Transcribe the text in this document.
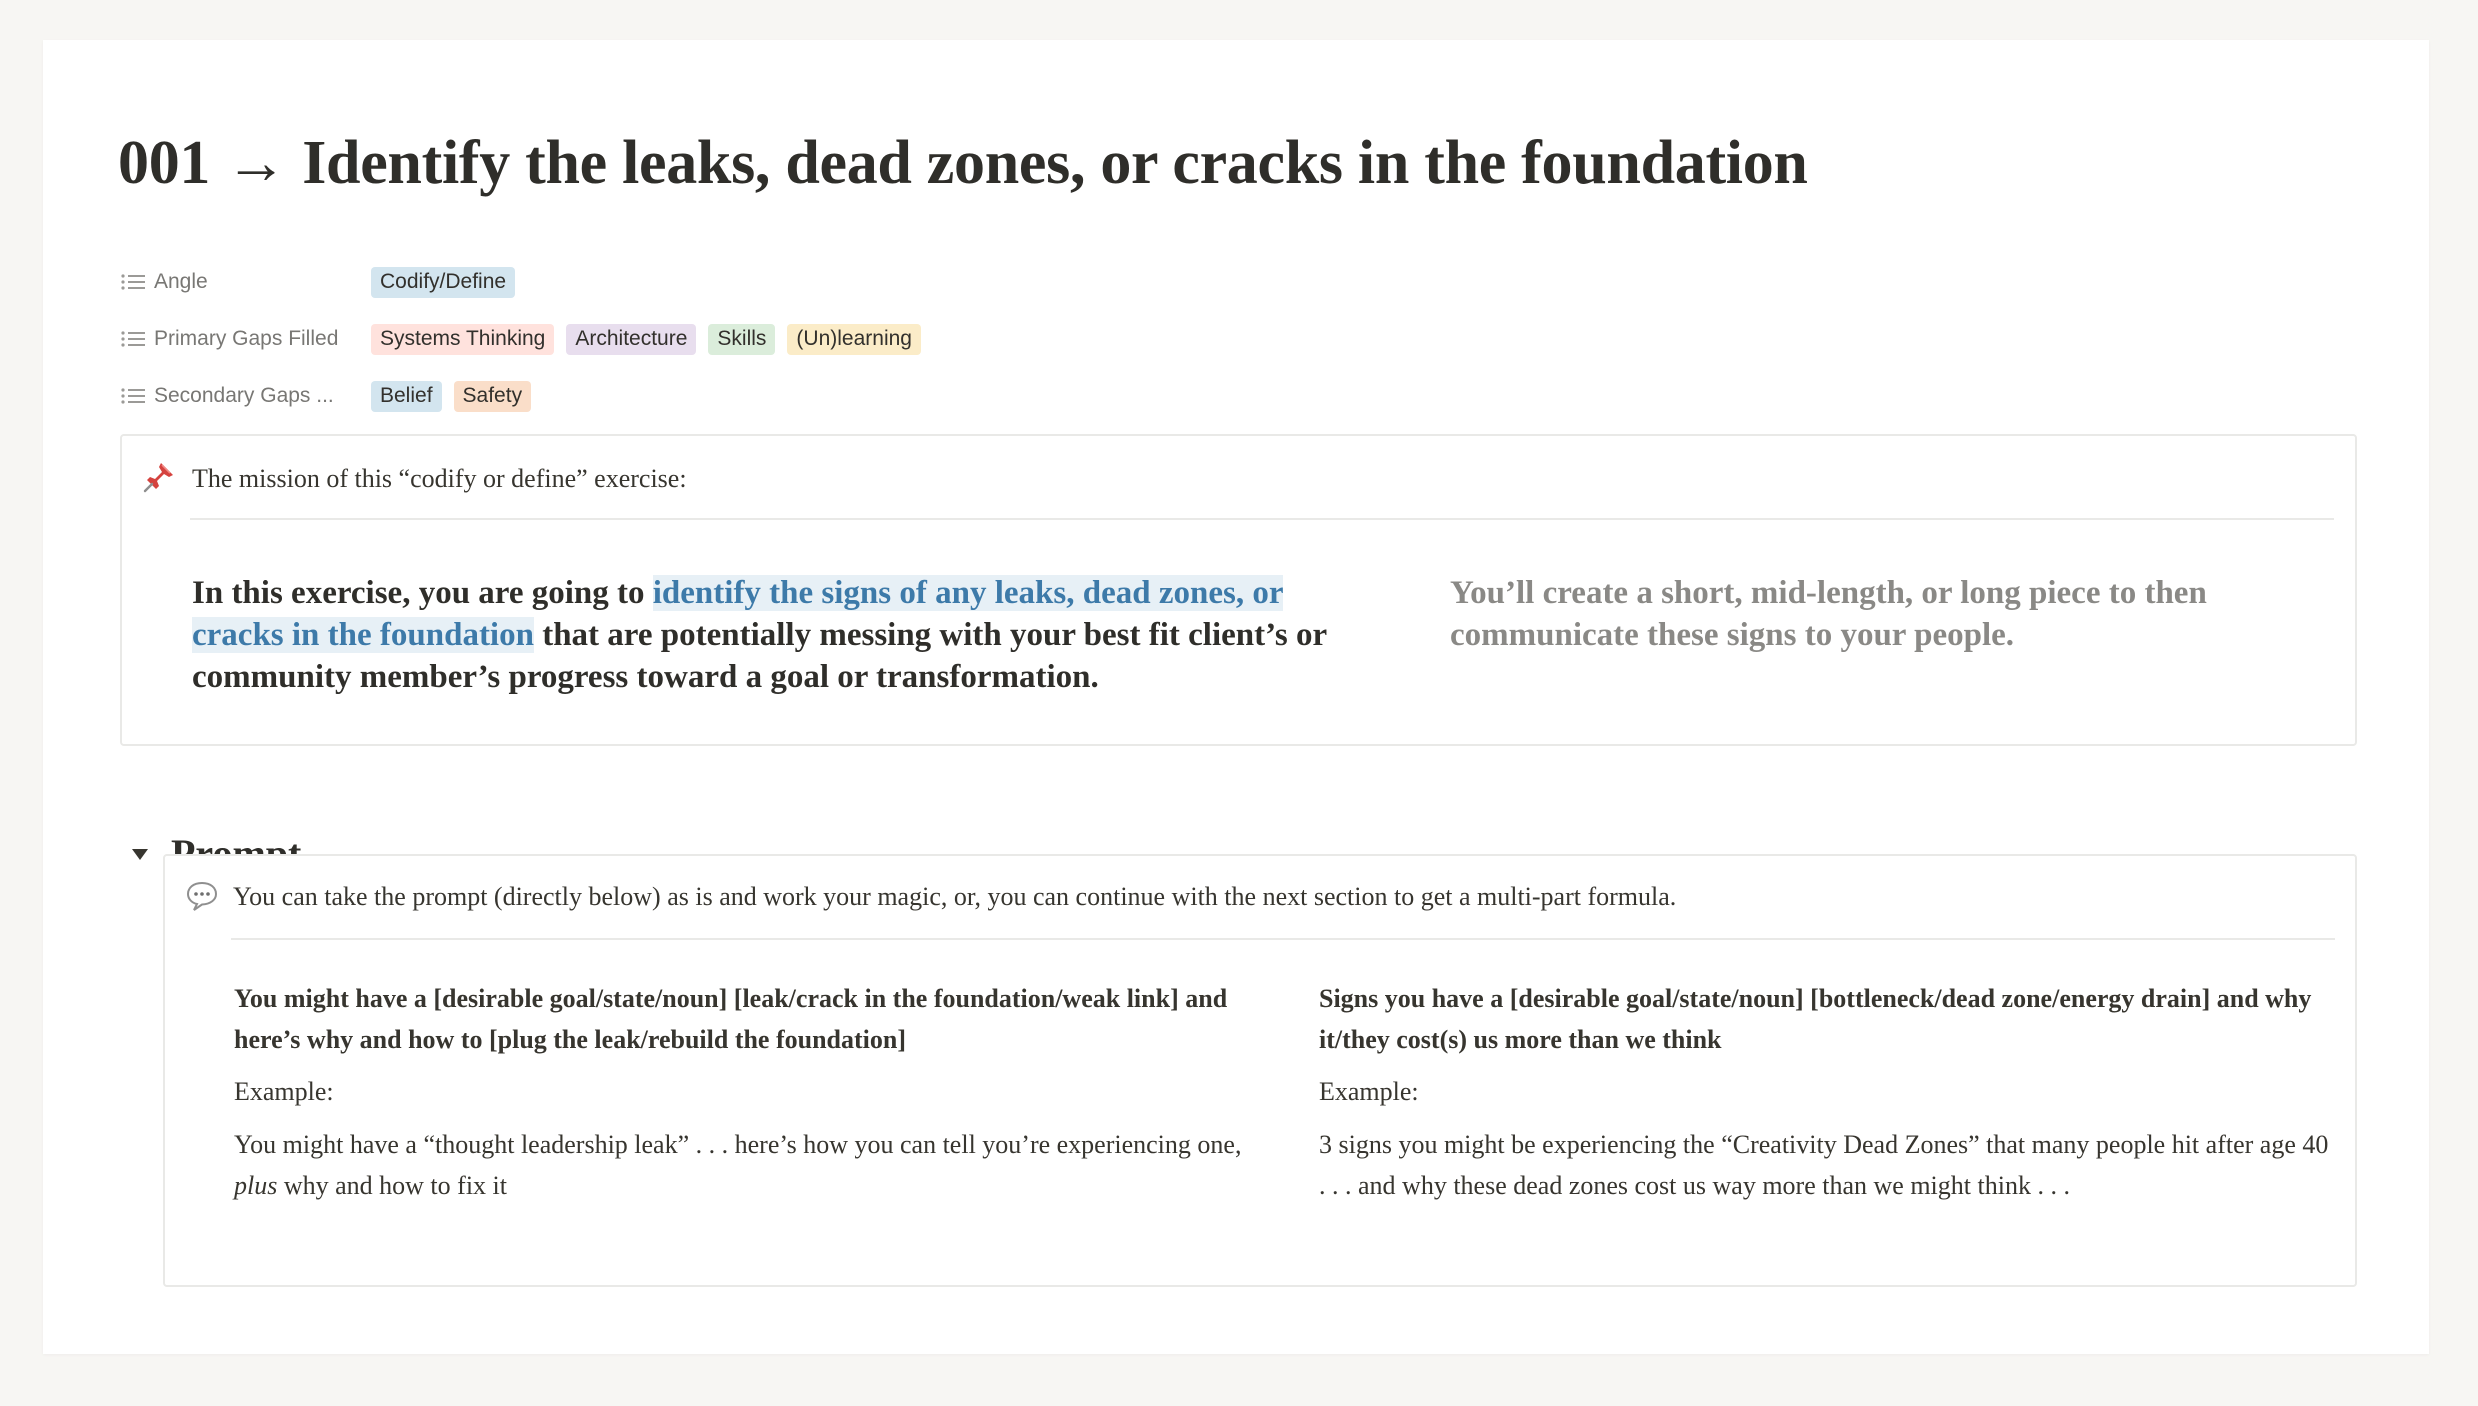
001 → Identify the leaks, dead zones, or cracks in the foundation
Angle	Codify/Define
Primary Gaps Filled	Systems Thinking	Architecture	Skills	(Un)learning
Secondary Gaps ...	Belief	Safety
The mission of this “codify or define” exercise:
In this exercise, you are going to identify the signs of any leaks, dead zones, or cracks in the foundation that are potentially messing with your best fit client’s or community member’s progress toward a goal or transformation.
You’ll create a short, mid-length, or long piece to then communicate these signs to your people.
You can take the prompt (directly below) as is and work your magic, or, you can continue with the next section to get a multi-part formula.
You might have a [desirable goal/state/noun] [leak/crack in the foundation/weak link] and here’s why and how to [plug the leak/rebuild the foundation]
Example:
You might have a “thought leadership leak” . . . here’s how you can tell you’re experiencing one, plus why and how to fix it
Signs you have a [desirable goal/state/noun] [bottleneck/dead zone/energy drain] and why it/they cost(s) us more than we think
Example:
3 signs you might be experiencing the “Creativity Dead Zones” that many people hit after age 40 . . . and why these dead zones cost us way more than we might think . . .
